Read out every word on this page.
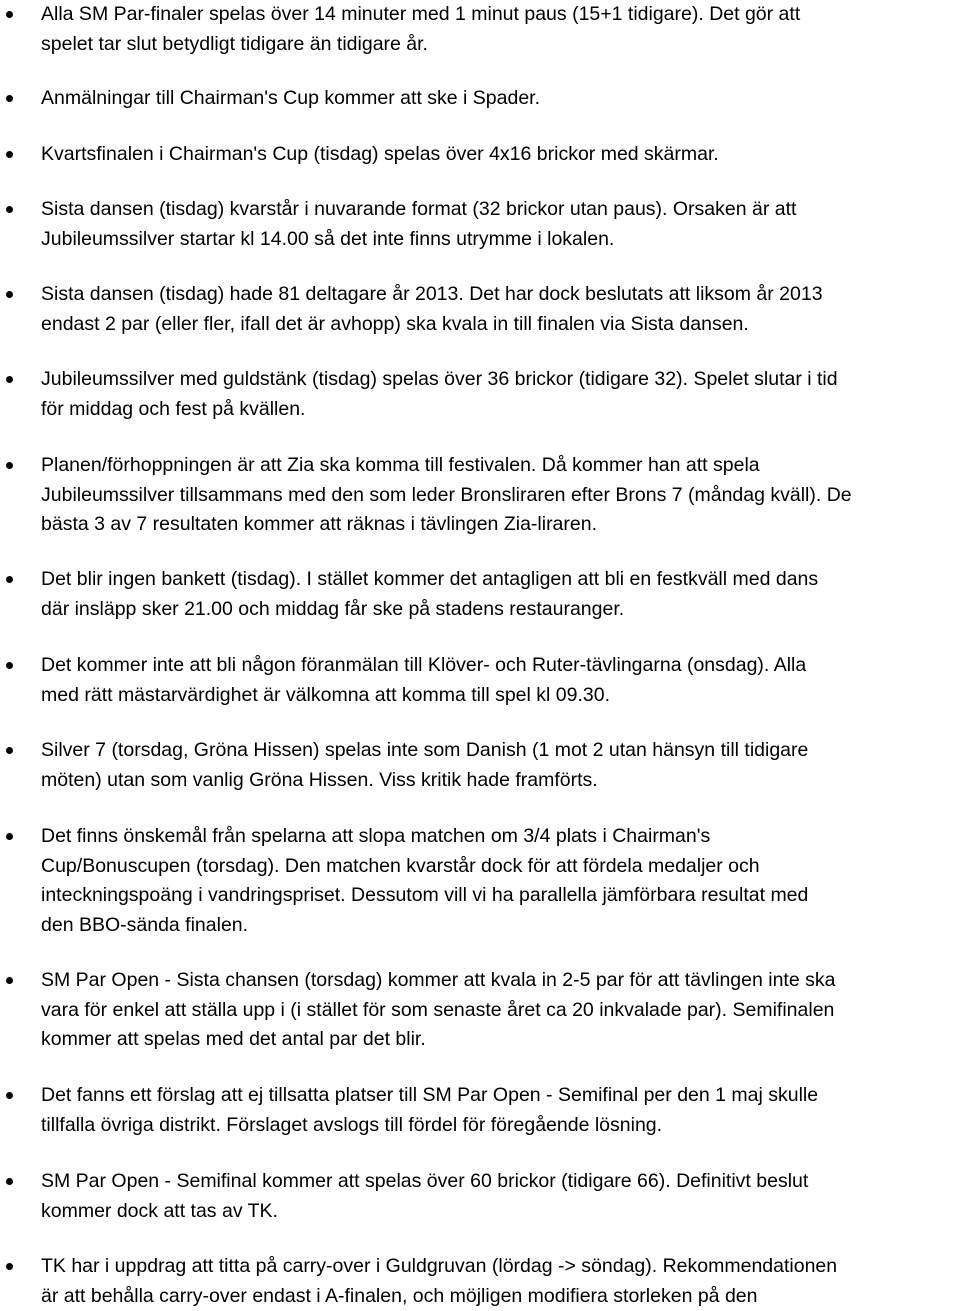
Alla SM Par-finaler spelas över 14 minuter med 1 minut paus (15+1 tidigare). Det gör att
spelet tar slut betydligt tidigare än tidigare år.
Anmälningar till Chairman's Cup kommer att ske i Spader.
Kvartsfinalen i Chairman's Cup (tisdag) spelas över 4x16 brickor med skärmar.
Sista dansen (tisdag) kvarstår i nuvarande format (32 brickor utan paus). Orsaken är att
Jubileumssilver startar kl 14.00 så det inte finns utrymme i lokalen.
Sista dansen (tisdag) hade 81 deltagare år 2013. Det har dock beslutats att liksom år 2013
endast 2 par (eller fler, ifall det är avhopp) ska kvala in till finalen via Sista dansen.
Jubileumssilver med guldstänk (tisdag) spelas över 36 brickor (tidigare 32). Spelet slutar i tid
för middag och fest på kvällen.
Planen/förhoppningen är att Zia ska komma till festivalen. Då kommer han att spela
Jubileumssilver tillsammans med den som leder Bronsliraren efter Brons 7 (måndag kväll). De
bästa 3 av 7 resultaten kommer att räknas i tävlingen Zia-liraren.
Det blir ingen bankett (tisdag). I stället kommer det antagligen att bli en festkväll med dans
där insläpp sker 21.00 och middag får ske på stadens restauranger.
Det kommer inte att bli någon föranmälan till Klöver- och Ruter-tävlingarna (onsdag). Alla
med rätt mästarvärdighet är välkomna att komma till spel kl 09.30.
Silver 7 (torsdag, Gröna Hissen) spelas inte som Danish (1 mot 2 utan hänsyn till tidigare
möten) utan som vanlig Gröna Hissen. Viss kritik hade framförts.
Det finns önskemål från spelarna att slopa matchen om 3/4 plats i Chairman's
Cup/Bonuscupen (torsdag). Den matchen kvarstår dock för att fördela medaljer och
inteckningspoäng i vandringspriset. Dessutom vill vi ha parallella jämförbara resultat med
den BBO-sända finalen.
SM Par Open - Sista chansen (torsdag) kommer att kvala in 2-5 par för att tävlingen inte ska
vara för enkel att ställa upp i (i stället för som senaste året ca 20 inkvalade par). Semifinalen
kommer att spelas med det antal par det blir.
Det fanns ett förslag att ej tillsatta platser till SM Par Open - Semifinal per den 1 maj skulle
tillfalla övriga distrikt. Förslaget avslogs till fördel för föregående lösning.
SM Par Open - Semifinal kommer att spelas över 60 brickor (tidigare 66). Definitivt beslut
kommer dock att tas av TK.
TK har i uppdrag att titta på carry-over i Guldgruvan (lördag -> söndag). Rekommendationen
är att behålla carry-over endast i A-finalen, och möjligen modifiera storleken på den
